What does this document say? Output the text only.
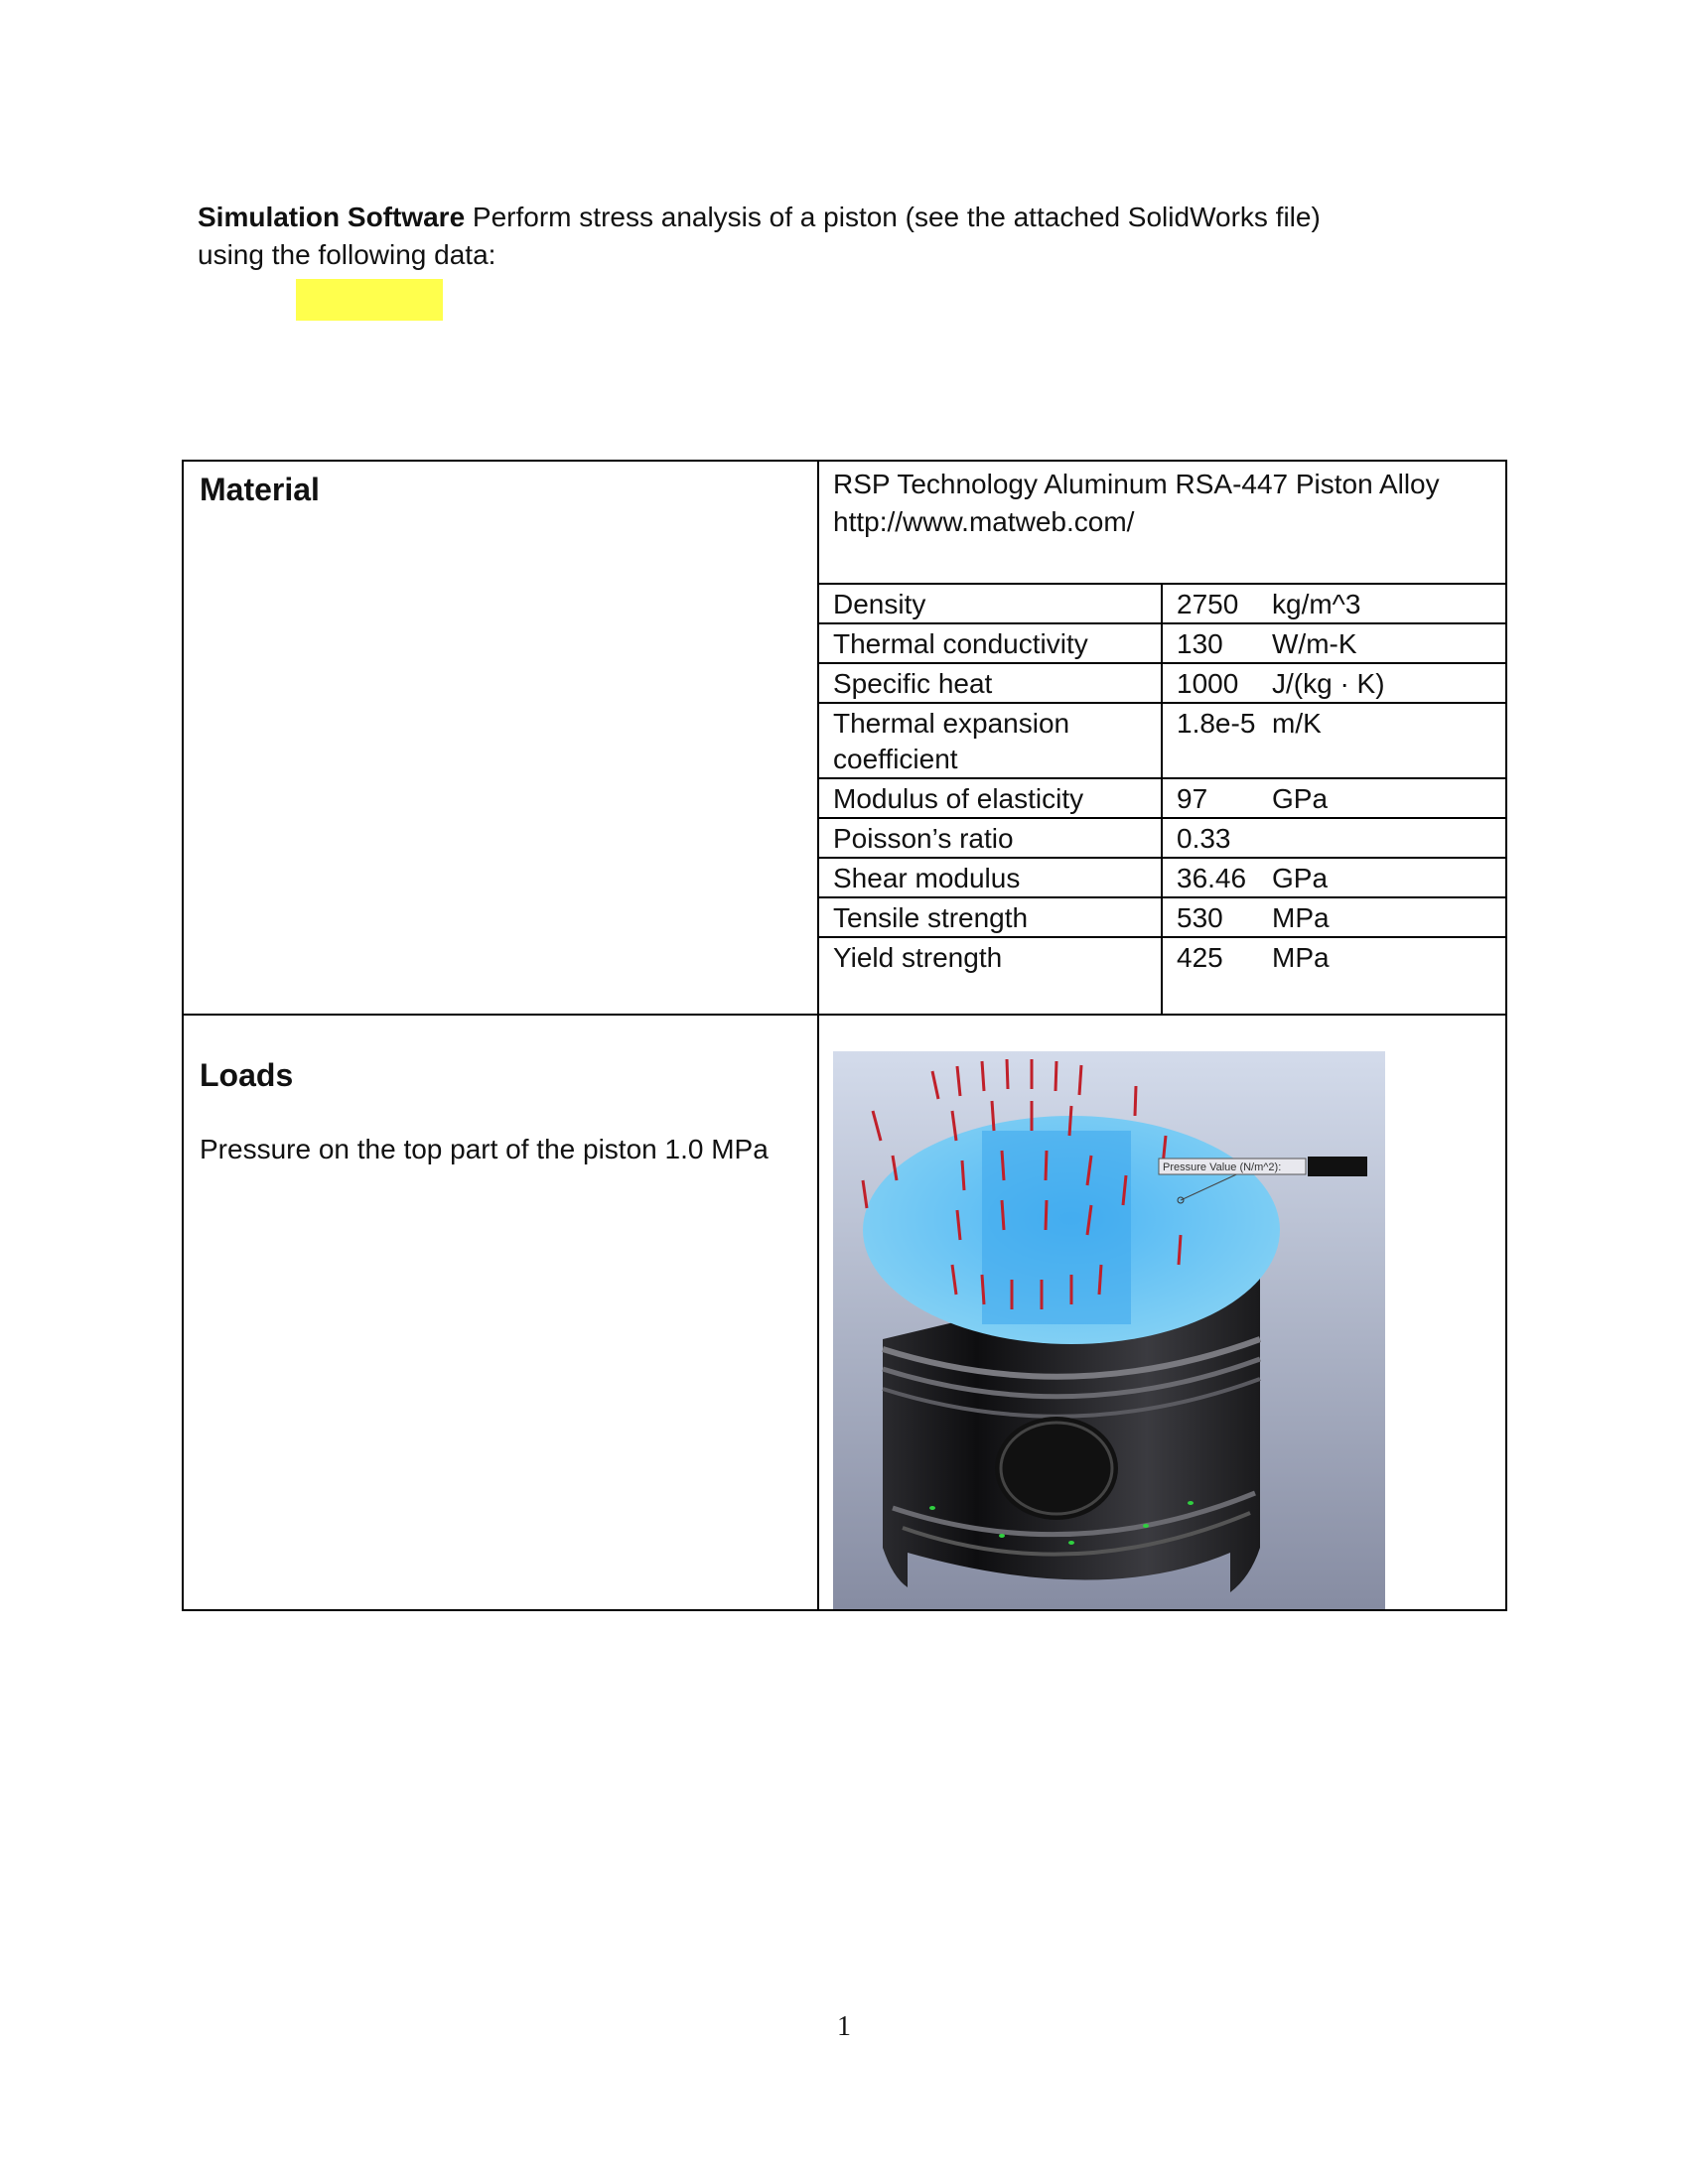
Simulation Software Perform stress analysis of a piston (see the attached SolidWorks file)
using the following data:
Material	RSP Technology Aluminum RSA-447 Piston Alloy
http://www.matweb.com/
Density	2750 kg/m^3
Thermal conductivity	130 W/m-K
Specific heat	1000 J/(kg · K)
Thermal expansion coefficient	1.8e-5 m/K
Modulus of elasticity	97 GPa
Poisson’s ratio	0.33
Shear modulus	36.46 GPa
Tensile strength	530 MPa
Yield strength	425 MPa

Loads
Pressure on the top part of the piston 1.0 MPa

Pressure Value (N/m^2):
1
